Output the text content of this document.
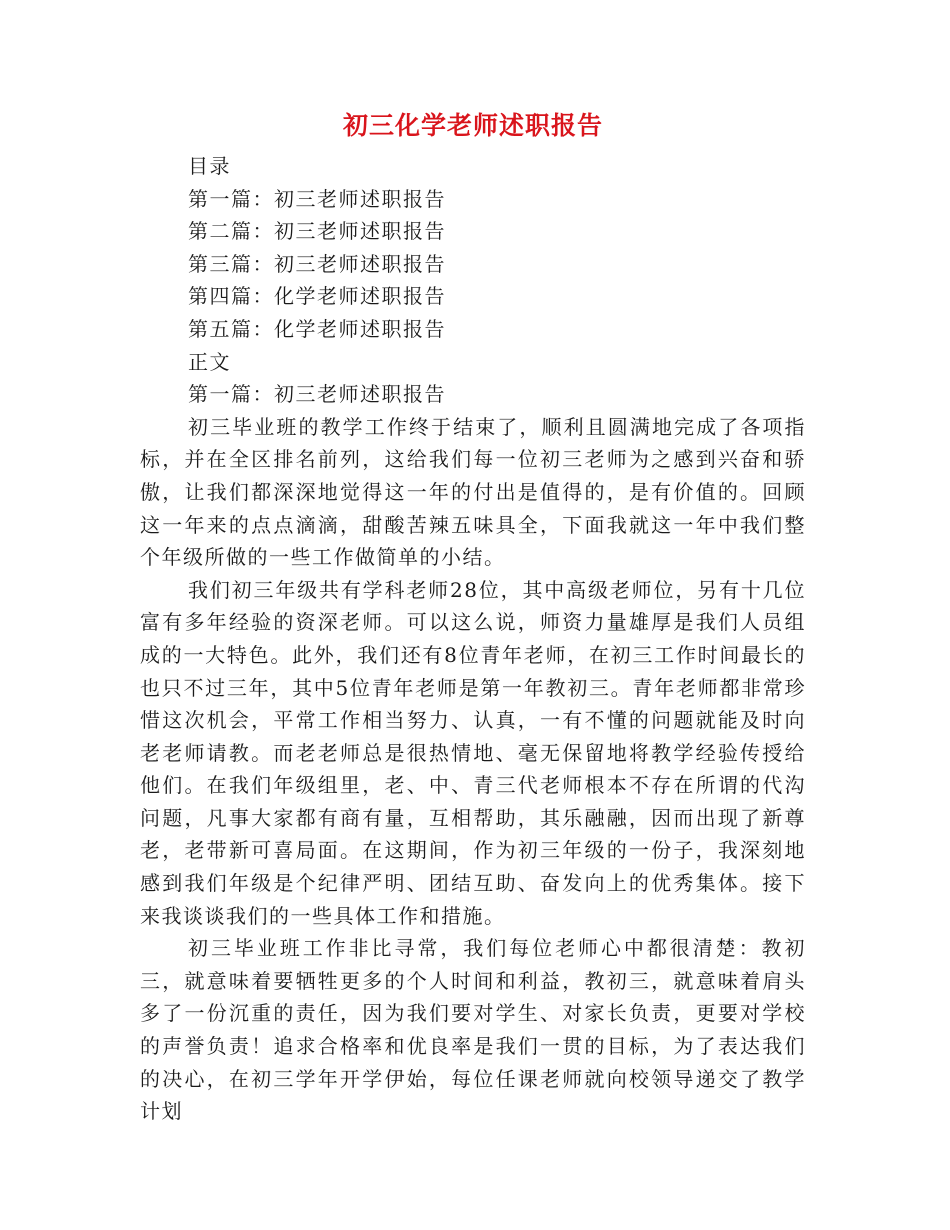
初三化学老师述职报告

目录

第一篇：初三老师述职报告

第二篇：初三老师述职报告

第三篇：初三老师述职报告

第四篇：化学老师述职报告

第五篇：化学老师述职报告

正文

第一篇：初三老师述职报告

初三毕业班的教学工作终于结束了，顺利且圆满地完成了各项指标，并在全区排名前列，这给我们每一位初三老师为之感到兴奋和骄傲，让我们都深深地觉得这一年的付出是值得的，是有价值的。回顾这一年来的点点滴滴，甜酸苦辣五味具全，下面我就这一年中我们整个年级所做的一些工作做简单的小结。

我们初三年级共有学科老师28位，其中高级老师位，另有十几位富有多年经验的资深老师。可以这么说，师资力量雄厚是我们人员组成的一大特色。此外，我们还有8位青年老师，在初三工作时间最长的也只不过三年，其中5位青年老师是第一年教初三。青年老师都非常珍惜这次机会，平常工作相当努力、认真，一有不懂的问题就能及时向老老师请教。而老老师总是很热情地、毫无保留地将教学经验传授给他们。在我们年级组里，老、中、青三代老师根本不存在所谓的代沟问题，凡事大家都有商有量，互相帮助，其乐融融，因而出现了新尊老，老带新可喜局面。在这期间，作为初三年级的一份子，我深刻地感到我们年级是个纪律严明、团结互助、奋发向上的优秀集体。接下来我谈谈我们的一些具体工作和措施。

初三毕业班工作非比寻常，我们每位老师心中都很清楚：教初三，就意味着要牺牲更多的个人时间和利益，教初三，就意味着肩头多了一份沉重的责任，因为我们要对学生、对家长负责，更要对学校的声誉负责！追求合格率和优良率是我们一贯的目标，为了表达我们的决心，在初三学年开学伊始，每位任课老师就向校领导递交了教学计划
